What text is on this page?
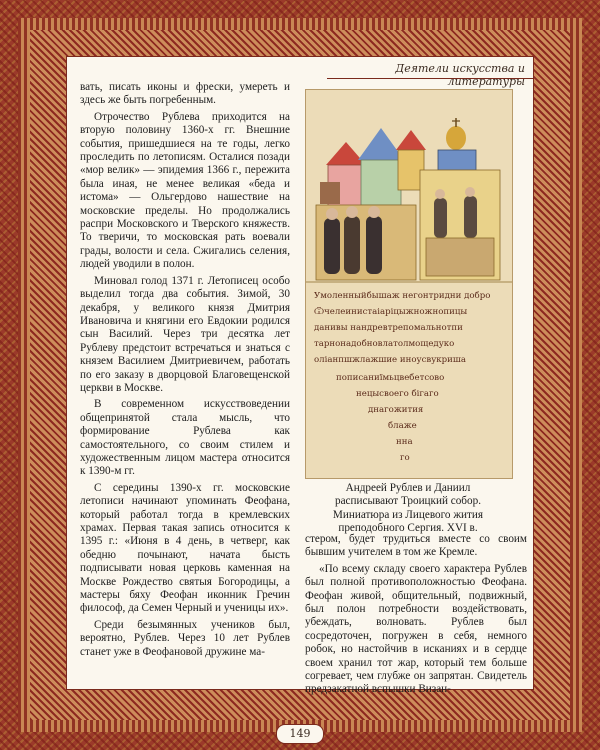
Деятели искусства и литературы

вать, писать иконы и фрески, умереть и здесь же быть погребенным.

Отрочество Рублева приходится на вторую половину 1360-х гг. Внешние события, пришедшиеся на те годы, легко проследить по летописям. Осталися позади «мор велик» — эпидемия 1366 г., пережита была иная, не менее великая «беда и истома» — Ольгердово нашествие на московские пределы. Но продолжались распри Московского и Тверского княжеств. То тверичи, то московская рать воевали грады, волости и села. Сжигались селения, людей уводили в полон.

Миновал голод 1371 г. Летописец особо выделил тогда два события. Зимой, 30 декабря, у великого князя Дмитрия Ивановича и княгини его Евдокии родился сын Василий. Через три десятка лет Рублеву предстоит встречаться и знаться с князем Василием Дмитриевичем, работать по его заказу в дворцовой Благовещенской церкви в Москве.

В современном искусствоведении общепринятой стала мысль, что формирование Рублева как самостоятельного, со своим стилем и художественным лицом мастера относится к 1390-м гг.

С середины 1390-х гг. московские летописи начинают упоминать Феофана, который работал тогда в кремлевских храмах. Первая такая запись относится к 1395 г.: «Июня в 4 день, в четверг, как обедню почынают, начата бысть подписывати новая церковь каменная на Москве Рождество святыя Богородицы, а мастеры бяху Феофан иконник Гречин философ, да Семен Черный и ученицы их».

Среди безымянных учеников был, вероятно, Рублев. Через 10 лет Рублев станет уже в Феофановой дружине ма-

Умоленныйбышаж негонтридни добро
Ѿчелеинистаіаріцыжножнопицы
данивы нандревтрепомальнотпи
тарнонадобновлатолмощедуко
оліанпшжлажшие иноусвукриша
пописаниїмьцвебетсово
нецысвоего бігаго
днагожития
блаже
нна
го
Андреей Рублев и Даниил
расписывают Троицкий собор.
Миниатюра из Лицевого жития
преподобного Сергия. XVI в.

стером, будет трудиться вместе со своим бывшим учителем в том же Кремле.

«По всему складу своего характера Рублев был полной противоположностью Феофана. Феофан живой, общительный, подвижный, был полон потребности воздействовать, убеждать, волновать. Рублев был сосредоточен, погружен в себя, немного робок, но настойчив в исканиях и в сердце своем хранил тот жар, который тем больше согревает, чем глубже он запрятан. Свидетель предзакатной вспышки Визан-

149
